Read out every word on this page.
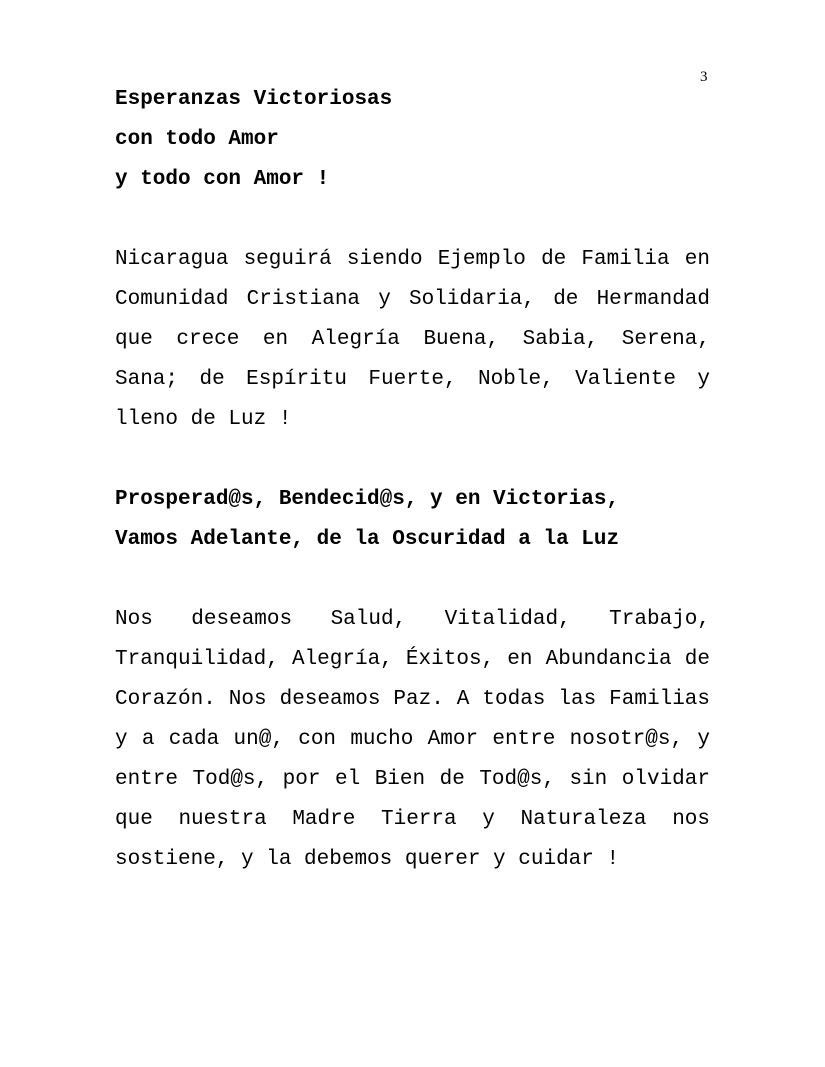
3
Esperanzas Victoriosas
con todo Amor
y todo con Amor !

Nicaragua seguirá siendo Ejemplo de Familia en Comunidad Cristiana y Solidaria, de Hermandad que crece en Alegría Buena, Sabia, Serena, Sana; de Espíritu Fuerte, Noble, Valiente y lleno de Luz !

Prosperad@s, Bendecid@s, y en Victorias,
Vamos Adelante, de la Oscuridad a la Luz

Nos deseamos Salud, Vitalidad, Trabajo, Tranquilidad, Alegría, Éxitos, en Abundancia de Corazón. Nos deseamos Paz. A todas las Familias y a cada un@, con mucho Amor entre nosotr@s, y entre Tod@s, por el Bien de Tod@s, sin olvidar que nuestra Madre Tierra y Naturaleza nos sostiene, y la debemos querer y cuidar !
